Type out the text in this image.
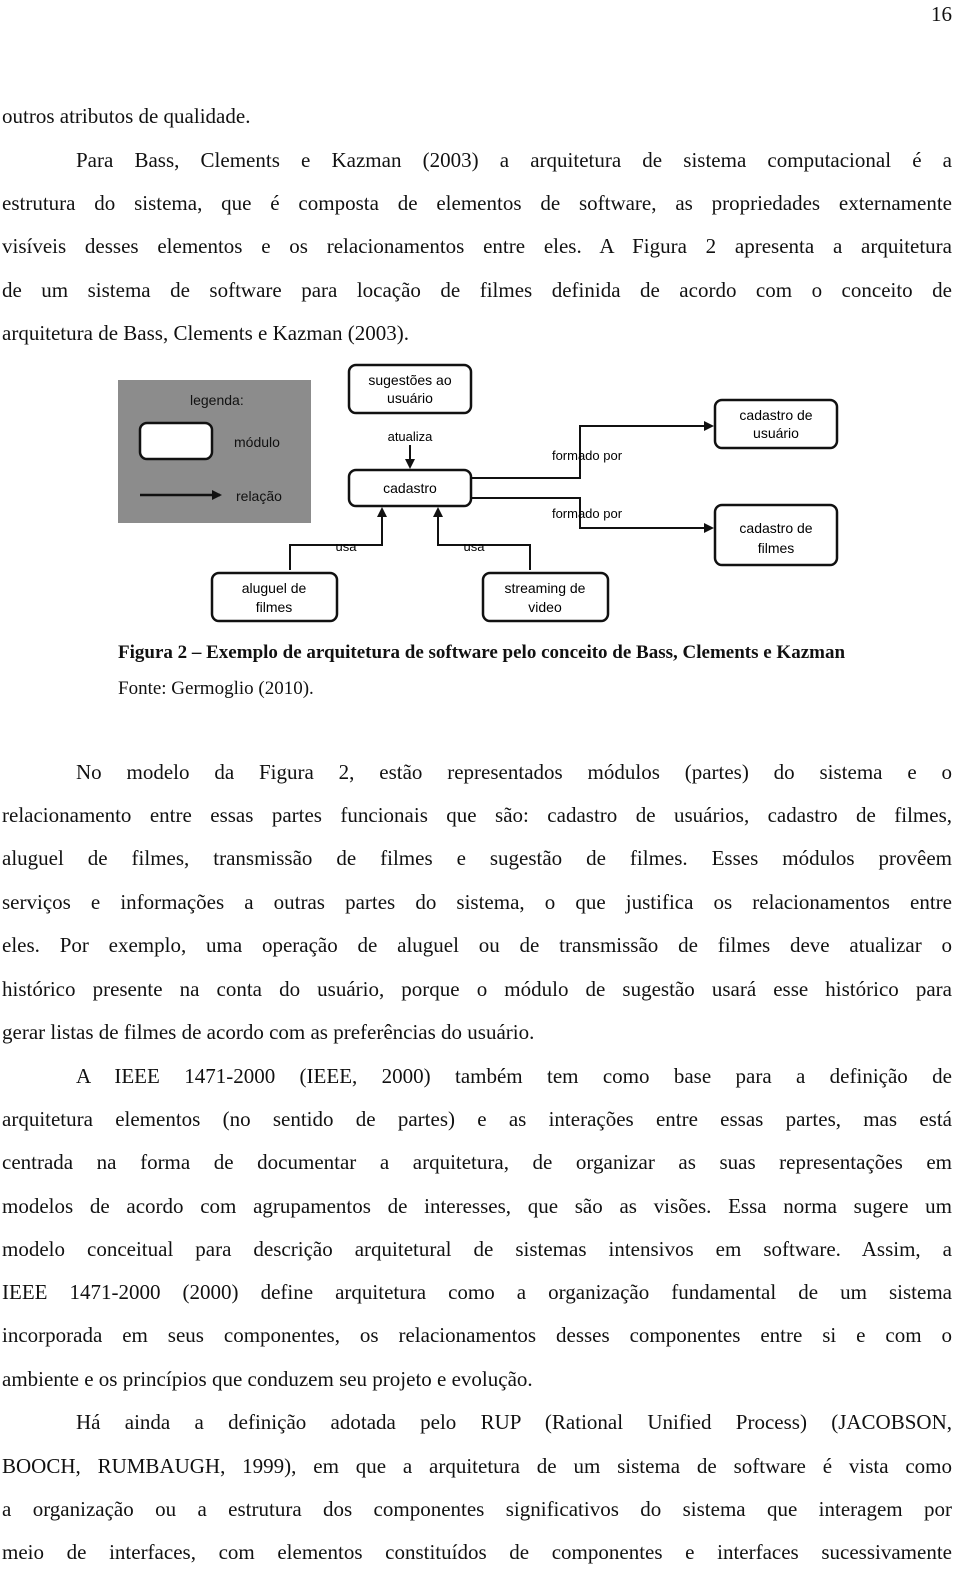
16
outros atributos de qualidade.
Para Bass, Clements e Kazman (2003) a arquitetura de sistema computacional é a
estrutura do sistema, que é composta de elementos de software, as propriedades externamente
visíveis desses elementos e os relacionamentos entre eles. A Figura 2 apresenta a arquitetura
de um sistema de software para locação de filmes definida de acordo com o conceito de
arquitetura de Bass, Clements e Kazman (2003).
legenda:
módulo
relação
sugestões ao
usuário
atualiza
cadastro
formado por
formado por
cadastro de
usuário
cadastro de
filmes
usa	usa
aluguel de
filmes
streaming de
video
Figura 2 – Exemplo de arquitetura de software pelo conceito de Bass, Clements e Kazman
Fonte: Germoglio (2010).
No modelo da Figura 2, estão representados módulos (partes) do sistema e o
relacionamento entre essas partes funcionais que são: cadastro de usuários, cadastro de filmes,
aluguel de filmes, transmissão de filmes e sugestão de filmes. Esses módulos provêem
serviços e informações a outras partes do sistema, o que justifica os relacionamentos entre
eles. Por exemplo, uma operação de aluguel ou de transmissão de filmes deve atualizar o
histórico presente na conta do usuário, porque o módulo de sugestão usará esse histórico para
gerar listas de filmes de acordo com as preferências do usuário.
A IEEE 1471-2000 (IEEE, 2000) também tem como base para a definição de
arquitetura elementos (no sentido de partes) e as interações entre essas partes, mas está
centrada na forma de documentar a arquitetura, de organizar as suas representações em
modelos de acordo com agrupamentos de interesses, que são as visões. Essa norma sugere um
modelo conceitual para descrição arquitetural de sistemas intensivos em software. Assim, a
IEEE 1471-2000 (2000) define arquitetura como a organização fundamental de um sistema
incorporada em seus componentes, os relacionamentos desses componentes entre si e com o
ambiente e os princípios que conduzem seu projeto e evolução.
Há ainda a definição adotada pelo RUP (Rational Unified Process) (JACOBSON,
BOOCH, RUMBAUGH, 1999), em que a arquitetura de um sistema de software é vista como
a organização ou a estrutura dos componentes significativos do sistema que interagem por
meio de interfaces, com elementos constituídos de componentes e interfaces sucessivamente
